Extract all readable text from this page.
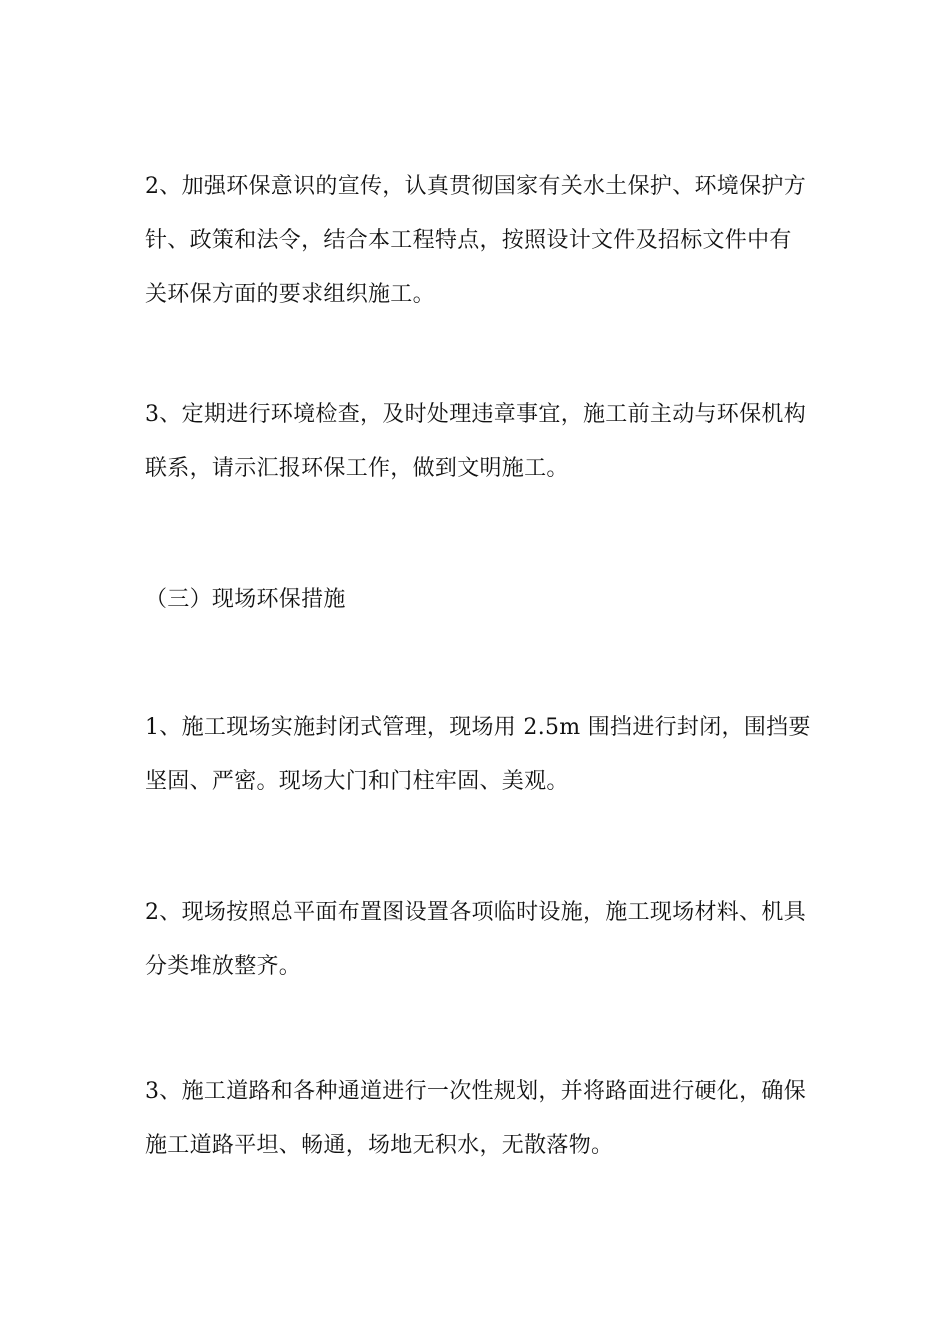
2、加强环保意识的宣传，认真贯彻国家有关水土保护、环境保护方
针、政策和法令，结合本工程特点，按照设计文件及招标文件中有
关环保方面的要求组织施工。

3、定期进行环境检查，及时处理违章事宜，施工前主动与环保机构
联系，请示汇报环保工作，做到文明施工。

（三）现场环保措施

1、施工现场实施封闭式管理，现场用 2.5m 围挡进行封闭，围挡要
坚固、严密。现场大门和门柱牢固、美观。

2、现场按照总平面布置图设置各项临时设施，施工现场材料、机具
分类堆放整齐。

3、施工道路和各种通道进行一次性规划，并将路面进行硬化，确保
施工道路平坦、畅通，场地无积水，无散落物。
